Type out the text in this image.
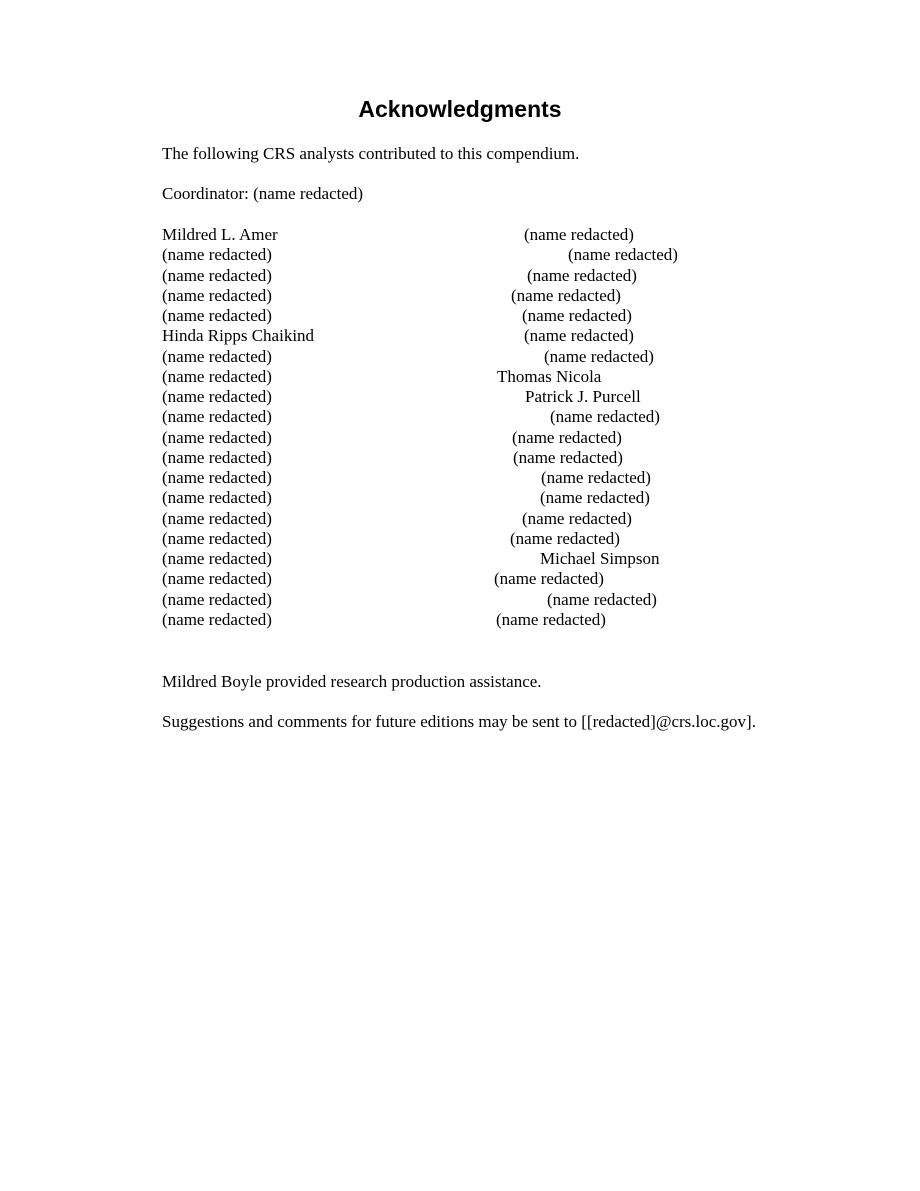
Acknowledgments
The following CRS analysts contributed to this compendium.
Coordinator: (name redacted)
Mildred L. Amer	(name redacted)
(name redacted)	(name redacted)
(name redacted)	(name redacted)
(name redacted)	(name redacted)
(name redacted)	(name redacted)
Hinda Ripps Chaikind	(name redacted)
(name redacted)	(name redacted)
(name redacted)	Thomas Nicola
(name redacted)	Patrick J. Purcell
(name redacted)	(name redacted)
(name redacted)	(name redacted)
(name redacted)	(name redacted)
(name redacted)	(name redacted)
(name redacted)	(name redacted)
(name redacted)	(name redacted)
(name redacted)	(name redacted)
(name redacted)	Michael Simpson
(name redacted)	(name redacted)
(name redacted)	(name redacted)
(name redacted)	(name redacted)
Mildred Boyle provided research production assistance.
Suggestions and comments for future editions may be sent to [[redacted]@crs.loc.gov].
